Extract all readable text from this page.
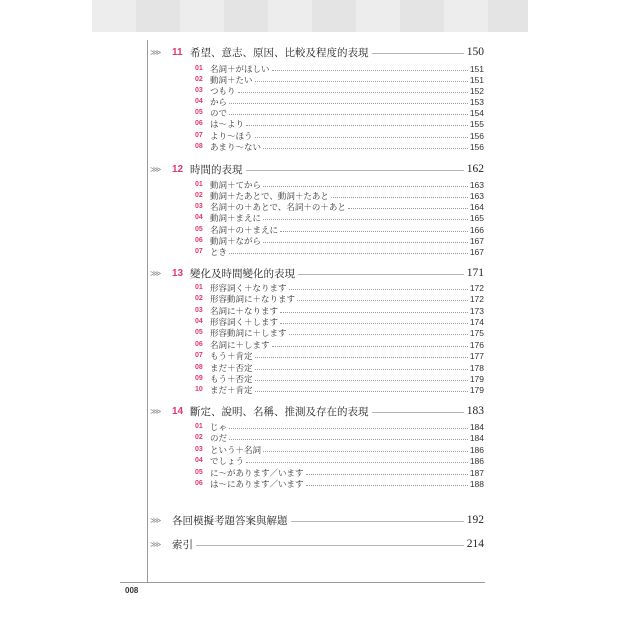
⋙	11 希望、意志、原因、比較及程度的表現	150
01 名詞＋がほしい	151
02 動詞＋たい	151
03 つもり	152
04 から	153
05 ので	154
06 は～より	155
07 より～ほう	156
08 あまり～ない	156
⋙	12 時間的表現	162
01 動詞＋てから	163
02 動詞＋たあとで、動詞＋たあと	163
03 名詞＋の＋あとで、名詞＋の＋あと	164
04 動詞＋まえに	165
05 名詞＋の＋まえに	166
06 動詞＋ながら	167
07 とき	167
⋙	13 變化及時間變化的表現	171
01 形容詞く＋なります	172
02 形容動詞に＋なります	172
03 名詞に＋なります	173
04 形容詞く＋します	174
05 形容動詞に＋します	175
06 名詞に＋します	176
07 もう＋肯定	177
08 まだ＋否定	178
09 もう＋否定	179
10 まだ＋肯定	179
⋙	14 斷定、說明、名稱、推測及存在的表現	183
01 じゃ	184
02 のだ	184
03 という＋名詞	186
04 でしょう	186
05 に～があります／います	187
06 は～にあります／います	188
⋙	各回模擬考題答案與解題	192
⋙	索引	214
008
